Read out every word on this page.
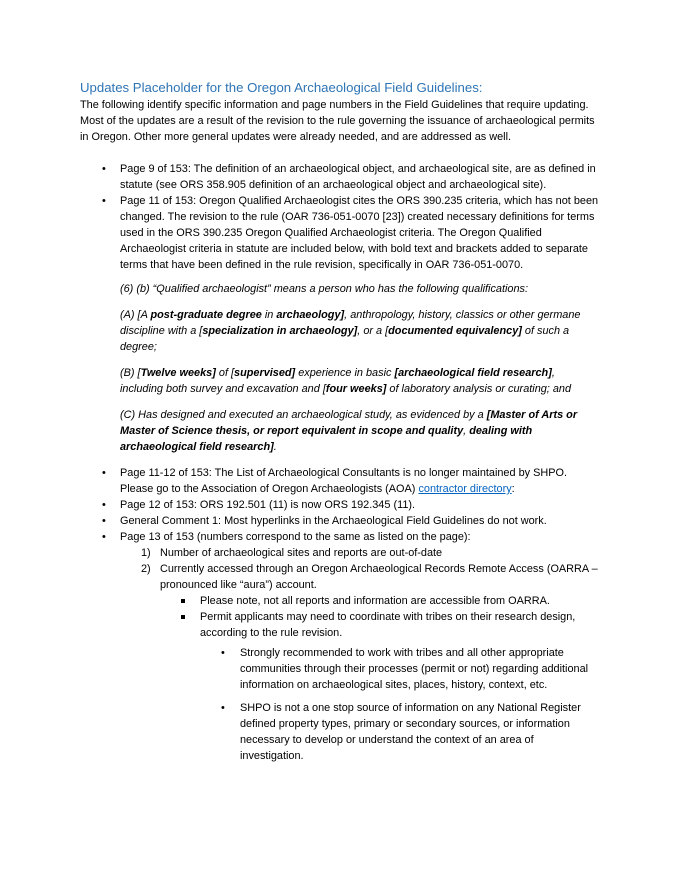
Updates Placeholder for the Oregon Archaeological Field Guidelines:

The following identify specific information and page numbers in the Field Guidelines that require updating. Most of the updates are a result of the revision to the rule governing the issuance of archaeological permits in Oregon. Other more general updates were already needed, and are addressed as well.

• Page 9 of 153: The definition of an archaeological object, and archaeological site, are as defined in statute (see ORS 358.905 definition of an archaeological object and archaeological site).
• Page 11 of 153: Oregon Qualified Archaeologist cites the ORS 390.235 criteria, which has not been changed. The revision to the rule (OAR 736-051-0070 [23]) created necessary definitions for terms used in the ORS 390.235 Oregon Qualified Archaeologist criteria. The Oregon Qualified Archaeologist criteria in statute are included below, with bold text and brackets added to separate terms that have been defined in the rule revision, specifically in OAR 736-051-0070.

(6) (b) “Qualified archaeologist” means a person who has the following qualifications:

(A) [A post-graduate degree in archaeology], anthropology, history, classics or other germane discipline with a [specialization in archaeology], or a [documented equivalency] of such a degree;

(B) [Twelve weeks] of [supervised] experience in basic [archaeological field research], including both survey and excavation and [four weeks] of laboratory analysis or curating; and

(C) Has designed and executed an archaeological study, as evidenced by a [Master of Arts or Master of Science thesis, or report equivalent in scope and quality, dealing with archaeological field research].

• Page 11-12 of 153: The List of Archaeological Consultants is no longer maintained by SHPO. Please go to the Association of Oregon Archaeologists (AOA) contractor directory:
• Page 12 of 153: ORS 192.501 (11) is now ORS 192.345 (11).
• General Comment 1: Most hyperlinks in the Archaeological Field Guidelines do not work.
• Page 13 of 153 (numbers correspond to the same as listed on the page):
1) Number of archaeological sites and reports are out-of-date
2) Currently accessed through an Oregon Archaeological Records Remote Access (OARRA – pronounced like “aura”) account.
Please note, not all reports and information are accessible from OARRA.
Permit applicants may need to coordinate with tribes on their research design, according to the rule revision.
• Strongly recommended to work with tribes and all other appropriate communities through their processes (permit or not) regarding additional information on archaeological sites, places, history, context, etc.
• SHPO is not a one stop source of information on any National Register defined property types, primary or secondary sources, or information necessary to develop or understand the context of an area of investigation.
